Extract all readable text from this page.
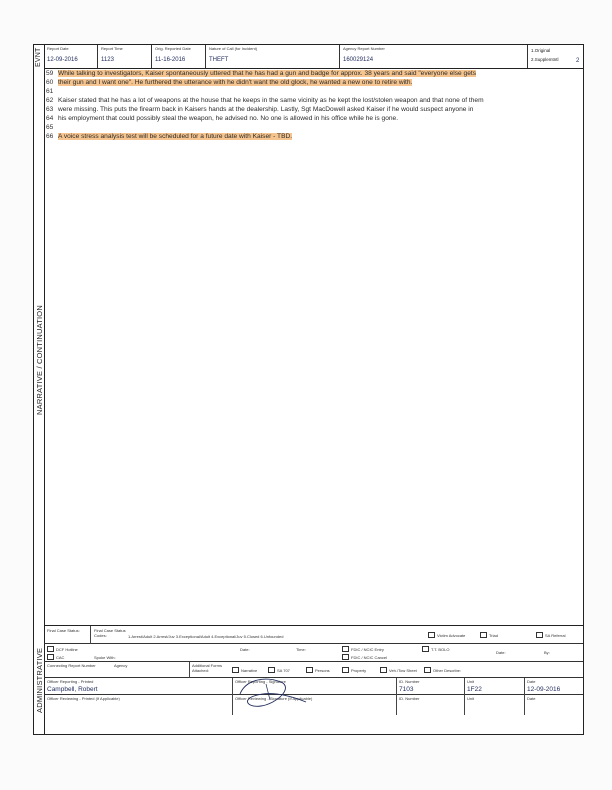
EVNT
NARRATIVE / CONTINUATION
ADMINISTRATIVE
Report Date
12-09-2016
Report Time
1123
Orig. Reported Date
11-16-2016
Nature of Call (for Incident)
THEFT
Agency Report Number
160029124
1.Original
2.Supplemtntl	2
59 While talking to investigators, Kaiser spontaneously uttered that he has had a gun and badge for approx. 38 years and said "everyone else gets
60 their gun and I want one". He furthered the utterance with he didn't want the old glock, he wanted a new one to retire with.
61
62 Kaiser stated that he has a lot of weapons at the house that he keeps in the same vicinity as he kept the lost/stolen weapon and that none of them
63 were missing. This puts the firearm back in Kaisers hands at the dealership. Lastly, Sgt MacDowell asked Kaiser if he would suspect anyone in
64 his employment that could possibly steal the weapon, he advised no. No one is allowed in his office while he is gone.
65
66 A voice stress analysis test will be scheduled for a future date with Kaiser - TBD.
Final Case Status:	Final Case Status Codes:	1.Arrest/Adult 2.Arrest/Juv 3.Exceptional/Adult 4.Exceptional/Juv 5.Closed 6.Unfounded	Victim Advocate	Triad	SA Referral
DCF Hotline
CAC	Spoke With:
Date:	Time:	FDIC / NCIC Entry
FDIC / NCIC Cancel
T.T. BOLO
Date:	By:
Connecting Report Number	Agency	Additional Forms Attached:	Narrative	SA 707	Persons	Property	Veh./Tow Sheet	Other Describe:
Officer Reporting - Printed
Campbell, Robert
Officer Reporting - Signature	ID. Number
7103
Unit
1F22
Date
12-09-2016
Officer Reviewing - Printed (If Applicable)	Officer Reviewing - Signature (If Applicable)	ID. Number	Unit	Date
